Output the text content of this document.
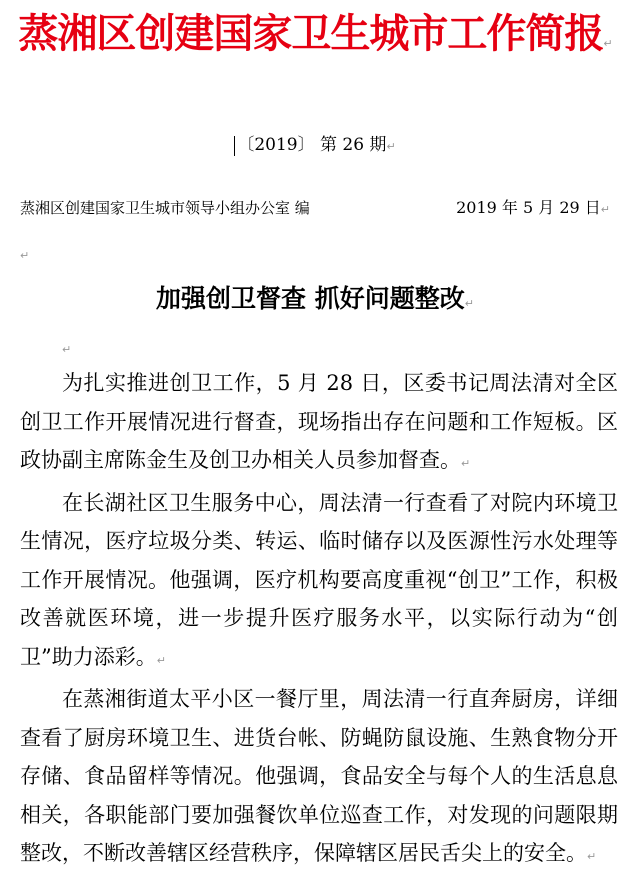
蒸湘区创建国家卫生城市工作简报↵
〔2019〕 第 26 期↵
蒸湘区创建国家卫生城市领导小组办公室 编	2019 年 5 月 29 日↵
↵
加强创卫督查 抓好问题整改↵
↵

为扎实推进创卫工作，5 月 28 日，区委书记周法清对全区创卫工作开展情况进行督查，现场指出存在问题和工作短板。区政协副主席陈金生及创卫办相关人员参加督查。↵

在长湖社区卫生服务中心，周法清一行查看了对院内环境卫生情况，医疗垃圾分类、转运、临时储存以及医源性污水处理等工作开展情况。他强调，医疗机构要高度重视“创卫”工作，积极改善就医环境，进一步提升医疗服务水平，以实际行动为“创卫”助力添彩。↵

在蒸湘街道太平小区一餐厅里，周法清一行直奔厨房，详细查看了厨房环境卫生、进货台帐、防蝇防鼠设施、生熟食物分开存储、食品留样等情况。他强调，食品安全与每个人的生活息息相关，各职能部门要加强餐饮单位巡查工作，对发现的问题限期整改，不断改善辖区经营秩序，保障辖区居民舌尖上的安全。↵
